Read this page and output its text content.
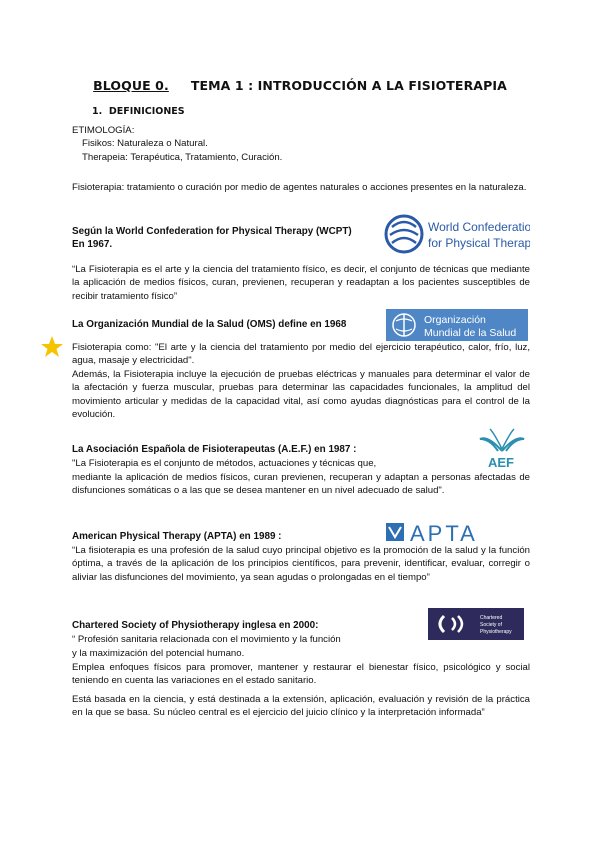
BLOQUE 0. TEMA 1 : INTRODUCCIÓN A LA FISIOTERAPIA
1. DEFINICIONES
ETIMOLOGÍA:
Fisikos: Naturaleza o Natural.
Therapeia: Terapéutica, Tratamiento, Curación.
Fisioterapia: tratamiento o curación por medio de agentes naturales o acciones presentes en la naturaleza.
Según la World Confederation for Physical Therapy (WCPT)
En 1967.
World Confederation
for Physical Therapy
“La Fisioterapia es el arte y la ciencia del tratamiento físico, es decir, el conjunto de técnicas que mediante la aplicación de medios físicos, curan, previenen, recuperan y readaptan a los pacientes susceptibles de recibir tratamiento físico”
La Organización Mundial de la Salud (OMS) define en 1968	Organización
Mundial de la Salud
Fisioterapia como: "El arte y la ciencia del tratamiento por medio del ejercicio terapéutico, calor, frío, luz, agua, masaje y electricidad".
Además, la Fisioterapia incluye la ejecución de pruebas eléctricas y manuales para determinar el valor de la afectación y fuerza muscular, pruebas para determinar las capacidades funcionales, la amplitud del movimiento articular y medidas de la capacidad vital, así como ayudas diagnósticas para el control de la evolución.
La Asociación Española de Fisioterapeutas (A.E.F.) en 1987 :
AEF
"La Fisioterapia es el conjunto de métodos, actuaciones y técnicas que,
mediante la aplicación de medios físicos, curan previenen, recuperan y adaptan a personas afectadas de disfunciones somáticas o a las que se desea mantener en un nivel adecuado de salud".
American Physical Therapy (APTA) en 1989 :	APTA
“La fisioterapia es una profesión de la salud cuyo principal objetivo es la promoción de la salud y la función óptima, a través de la aplicación de los principios científicos, para prevenir, identificar, evaluar, corregir o aliviar las disfunciones del movimiento, ya sean agudas o prolongadas en el tiempo”
Chartered Society of Physiotherapy inglesa en 2000:
Chartered
Society of
Physiotherapy
“ Profesión sanitaria relacionada con el movimiento y la función
y la maximización del potencial humano.
Emplea enfoques físicos para promover, mantener y restaurar el bienestar físico, psicológico y social teniendo en cuenta las variaciones en el estado sanitario.
Está basada en la ciencia, y está destinada a la extensión, aplicación, evaluación y revisión de la práctica en la que se basa. Su núcleo central es el ejercicio del juicio clínico y la interpretación informada”
